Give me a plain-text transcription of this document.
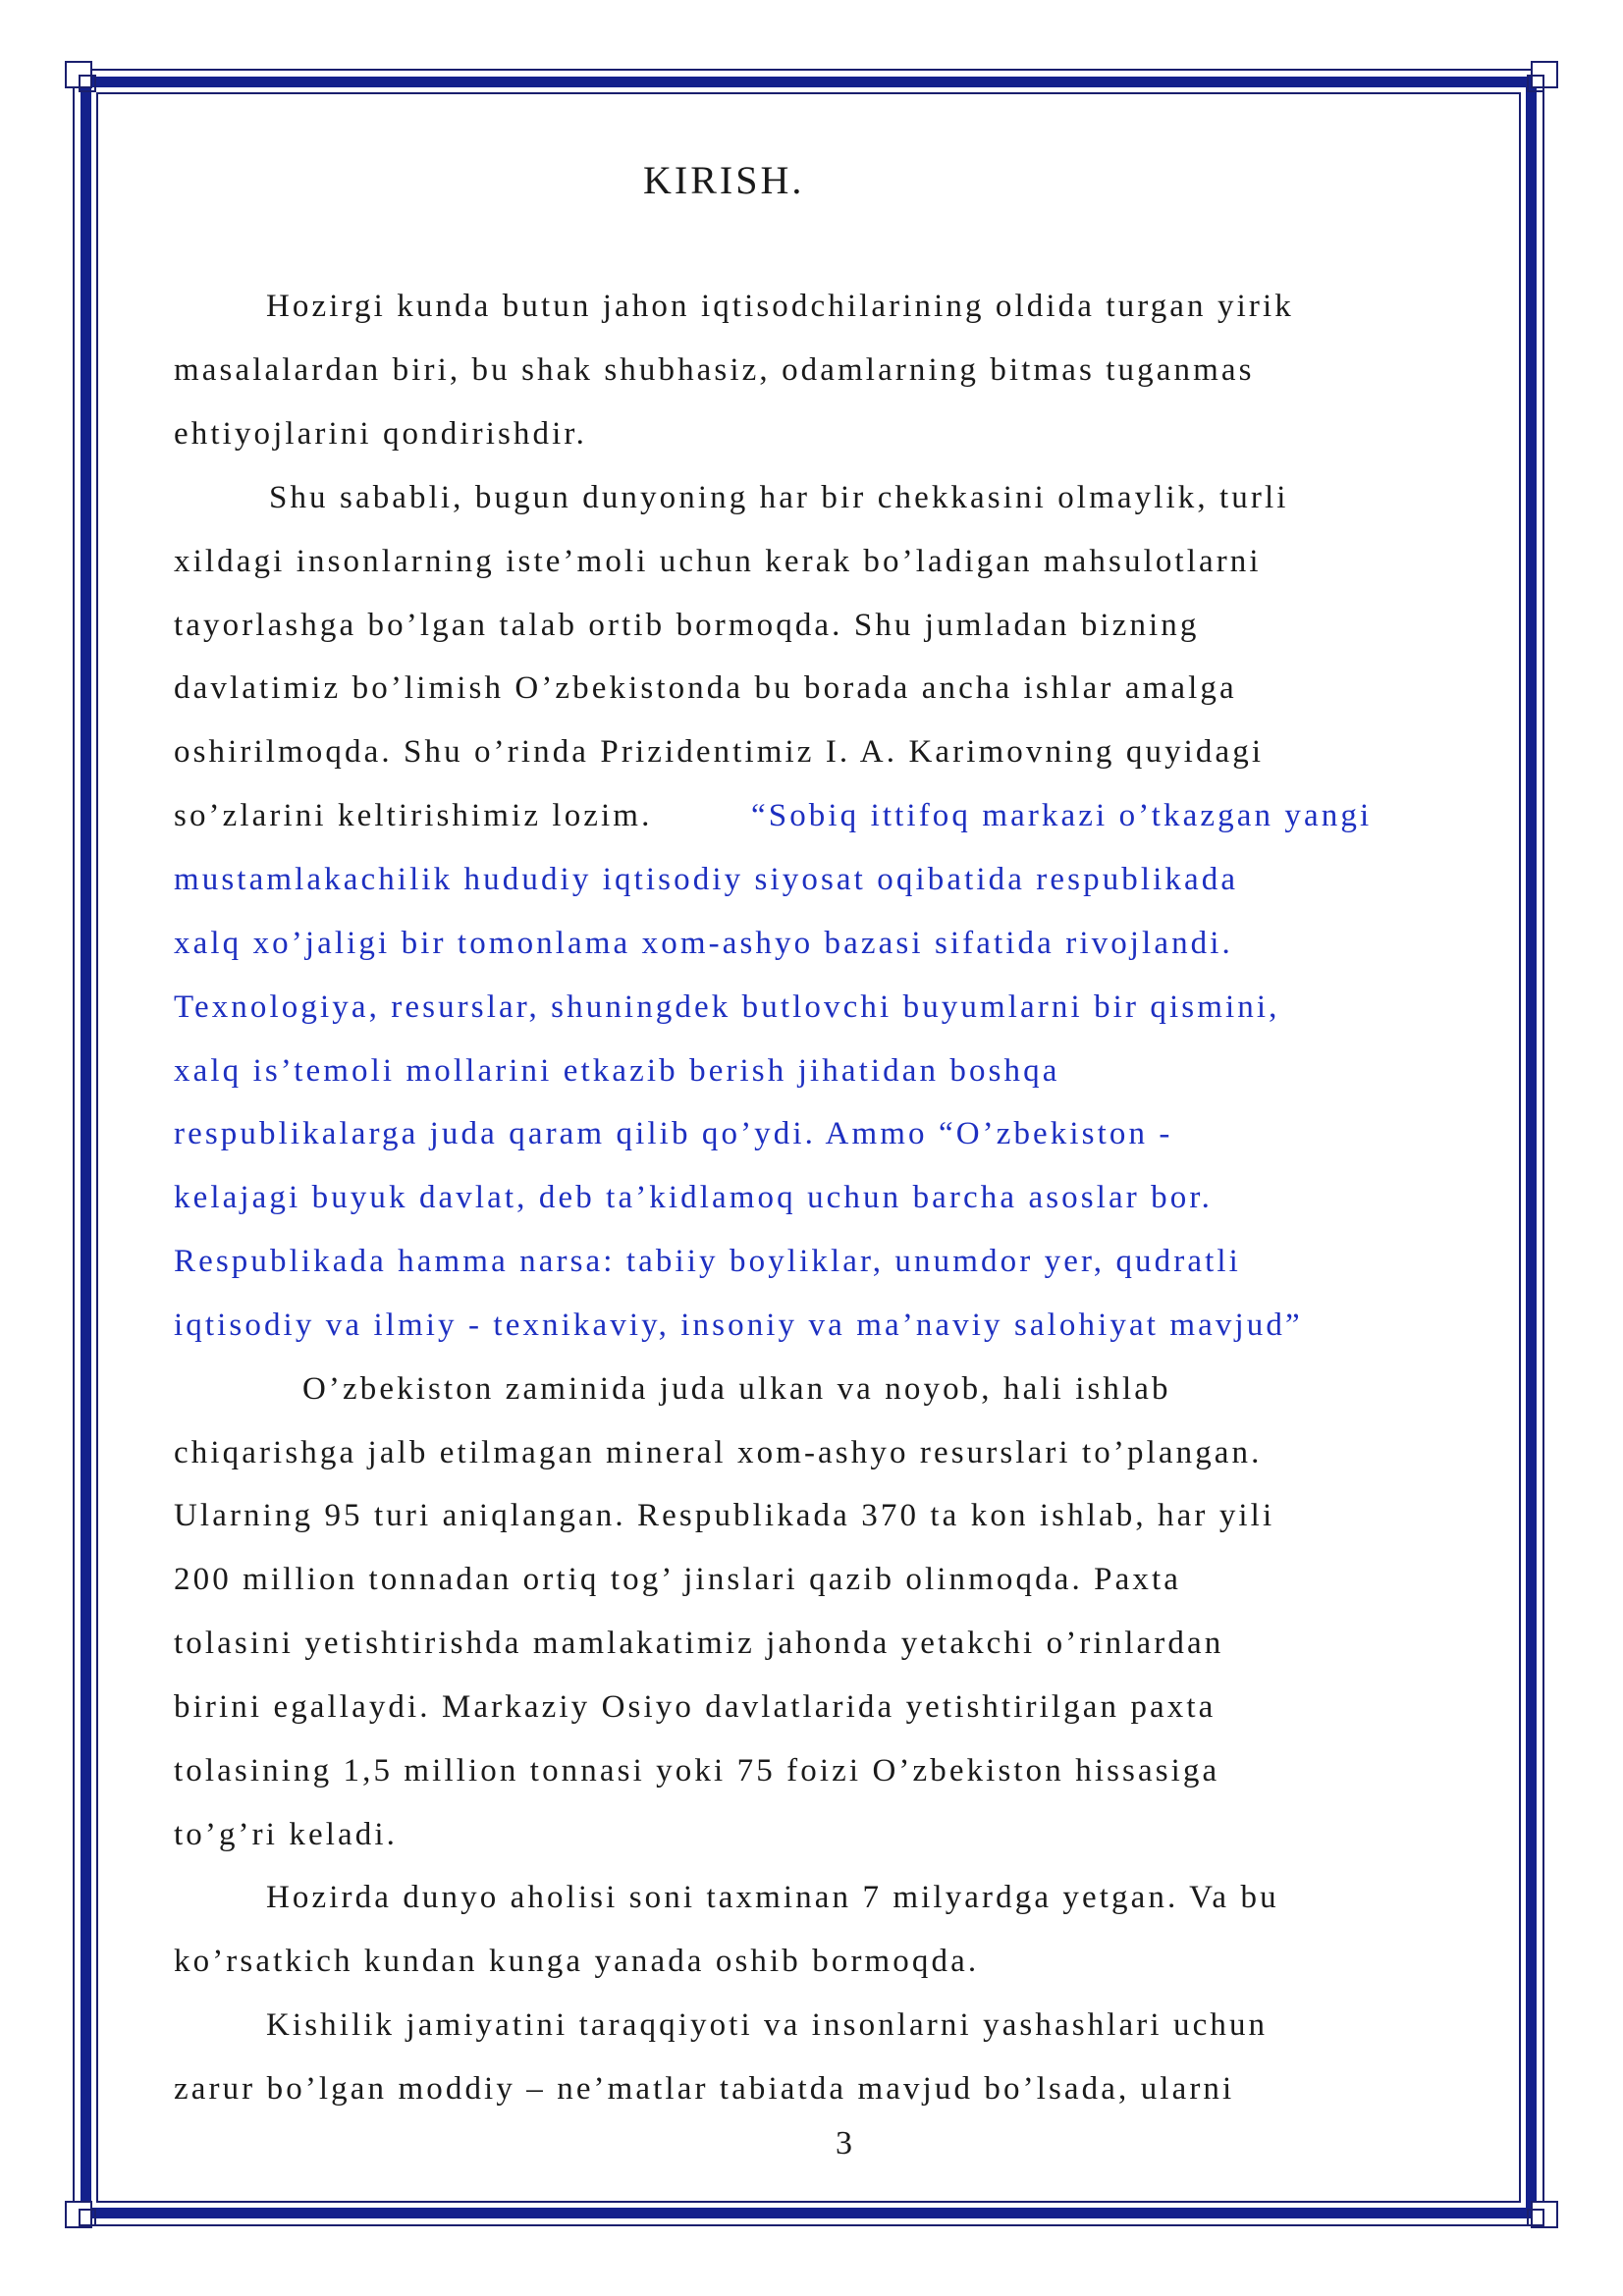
KIRISH.
Hozirgi kunda butun jahon iqtisodchilarining oldida turgan yirik
masalalardan biri, bu shak shubhasiz, odamlarning bitmas tuganmas
ehtiyojlarini qondirishdir.
Shu sababli, bugun dunyoning har bir chekkasini olmaylik, turli
xildagi insonlarning iste’moli uchun kerak bo’ladigan mahsulotlarni
tayorlashga bo’lgan talab ortib bormoqda. Shu jumladan bizning
davlatimiz bo’limish O’zbekistonda bu borada ancha ishlar amalga
oshirilmoqda. Shu o’rinda Prizidentimiz I. A. Karimovning quyidagi
so’zlarini keltirishimiz lozim.	“Sobiq ittifoq markazi o’tkazgan yangi
mustamlakachilik hududiy iqtisodiy siyosat oqibatida respublikada
xalq xo’jaligi bir tomonlama xom-ashyo bazasi sifatida rivojlandi.
Texnologiya, resurslar, shuningdek butlovchi buyumlarni bir qismini,
xalq is’temoli mollarini etkazib berish jihatidan boshqa
respublikalarga juda qaram qilib qo’ydi. Ammo “O’zbekiston -
kelajagi buyuk davlat, deb ta’kidlamoq uchun barcha asoslar bor.
Respublikada hamma narsa: tabiiy boyliklar, unumdor yer, qudratli
iqtisodiy va ilmiy - texnikaviy, insoniy va ma’naviy salohiyat mavjud”
O’zbekiston zaminida juda ulkan va noyob, hali ishlab
chiqarishga jalb etilmagan mineral xom-ashyo resurslari to’plangan.
Ularning 95 turi aniqlangan. Respublikada 370 ta kon ishlab, har yili
200 million tonnadan ortiq tog’ jinslari qazib olinmoqda. Paxta
tolasini yetishtirishda mamlakatimiz jahonda yetakchi o’rinlardan
birini egallaydi. Markaziy Osiyo davlatlarida yetishtirilgan paxta
tolasining 1,5 million tonnasi yoki 75 foizi O’zbekiston hissasiga
to’g’ri keladi.
Hozirda dunyo aholisi soni taxminan 7 milyardga yetgan. Va bu
ko’rsatkich kundan kunga yanada oshib bormoqda.
Kishilik jamiyatini taraqqiyoti va insonlarni yashashlari uchun
zarur bo’lgan moddiy – ne’matlar tabiatda mavjud bo’lsada, ularni
3
